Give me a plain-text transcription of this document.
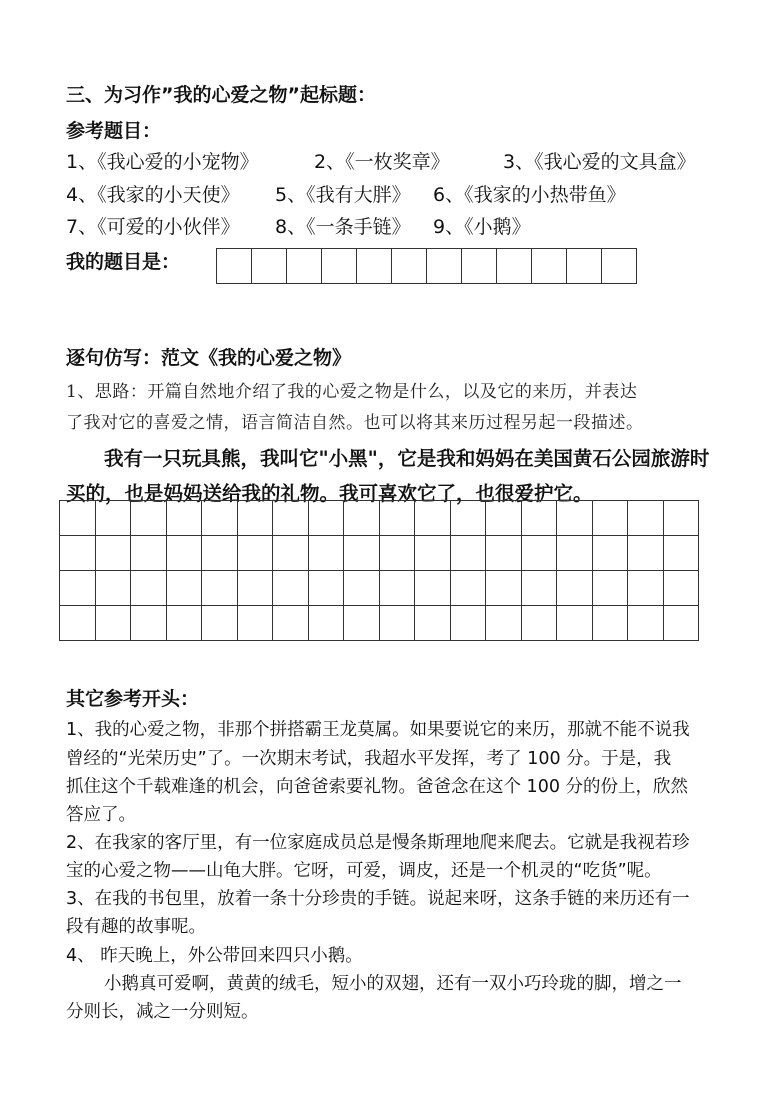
三、为习作”我的心爱之物”起标题：
参考题目：
1、《我心爱的小宠物》	2、《一枚奖章》	3、《我心爱的文具盒》
4、《我家的小天使》 5、《我有大胖》 6、《我家的小热带鱼》
7、《可爱的小伙伴》 8、《一条手链》 9、《小鹅》
我的题目是：

逐句仿写：范文《我的心爱之物》
1、思路：开篇自然地介绍了我的心爱之物是什么，以及它的来历，并表达
了我对它的喜爱之情，语言简洁自然。也可以将其来历过程另起一段描述。
我有一只玩具熊，我叫它"小黑"，它是我和妈妈在美国黄石公园旅游时
买的，也是妈妈送给我的礼物。我可喜欢它了，也很爱护它。

其它参考开头：
1、我的心爱之物，非那个拼搭霸王龙莫属。如果要说它的来历，那就不能不说我
曾经的“光荣历史”了。一次期末考试，我超水平发挥，考了 100 分。于是，我
抓住这个千载难逢的机会，向爸爸索要礼物。爸爸念在这个 100 分的份上，欣然
答应了。
2、在我家的客厅里，有一位家庭成员总是慢条斯理地爬来爬去。它就是我视若珍
宝的心爱之物——山龟大胖。它呀，可爱，调皮，还是一个机灵的“吃货”呢。
3、在我的书包里，放着一条十分珍贵的手链。说起来呀，这条手链的来历还有一
段有趣的故事呢。
4、 昨天晚上，外公带回来四只小鹅。
小鹅真可爱啊，黄黄的绒毛，短小的双翅，还有一双小巧玲珑的脚，增之一
分则长，减之一分则短。
